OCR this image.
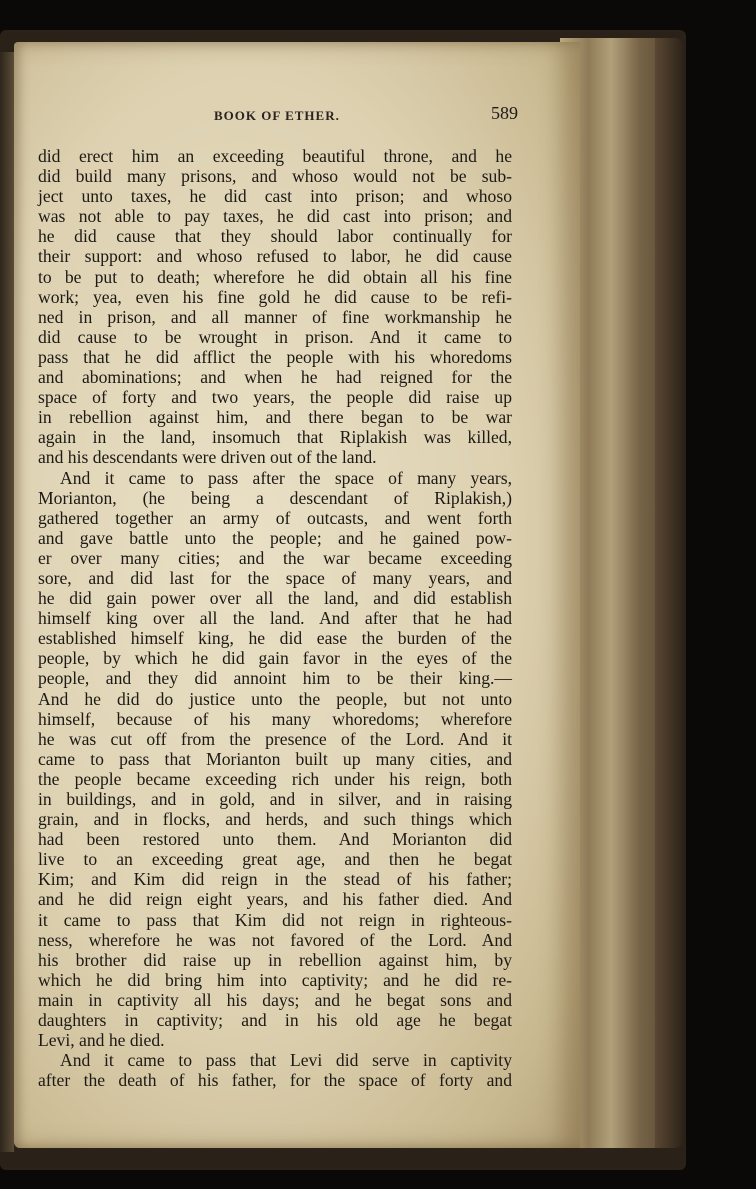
BOOK OF ETHER.	589
did erect him an exceeding beautiful throne, and he
did build many prisons, and whoso would not be sub-
ject unto taxes, he did cast into prison; and whoso
was not able to pay taxes, he did cast into prison; and
he did cause that they should labor continually for
their support: and whoso refused to labor, he did cause
to be put to death; wherefore he did obtain all his fine
work; yea, even his fine gold he did cause to be refi-
ned in prison, and all manner of fine workmanship he
did cause to be wrought in prison. And it came to
pass that he did afflict the people with his whoredoms
and abominations; and when he had reigned for the
space of forty and two years, the people did raise up
in rebellion against him, and there began to be war
again in the land, insomuch that Riplakish was killed,
and his descendants were driven out of the land.
And it came to pass after the space of many years,
Morianton, (he being a descendant of Riplakish,)
gathered together an army of outcasts, and went forth
and gave battle unto the people; and he gained pow-
er over many cities; and the war became exceeding
sore, and did last for the space of many years, and
he did gain power over all the land, and did establish
himself king over all the land. And after that he had
established himself king, he did ease the burden of the
people, by which he did gain favor in the eyes of the
people, and they did annoint him to be their king.—
And he did do justice unto the people, but not unto
himself, because of his many whoredoms; wherefore
he was cut off from the presence of the Lord. And it
came to pass that Morianton built up many cities, and
the people became exceeding rich under his reign, both
in buildings, and in gold, and in silver, and in raising
grain, and in flocks, and herds, and such things which
had been restored unto them. And Morianton did
live to an exceeding great age, and then he begat
Kim; and Kim did reign in the stead of his father;
and he did reign eight years, and his father died. And
it came to pass that Kim did not reign in righteous-
ness, wherefore he was not favored of the Lord. And
his brother did raise up in rebellion against him, by
which he did bring him into captivity; and he did re-
main in captivity all his days; and he begat sons and
daughters in captivity; and in his old age he begat
Levi, and he died.
And it came to pass that Levi did serve in captivity
after the death of his father, for the space of forty and
